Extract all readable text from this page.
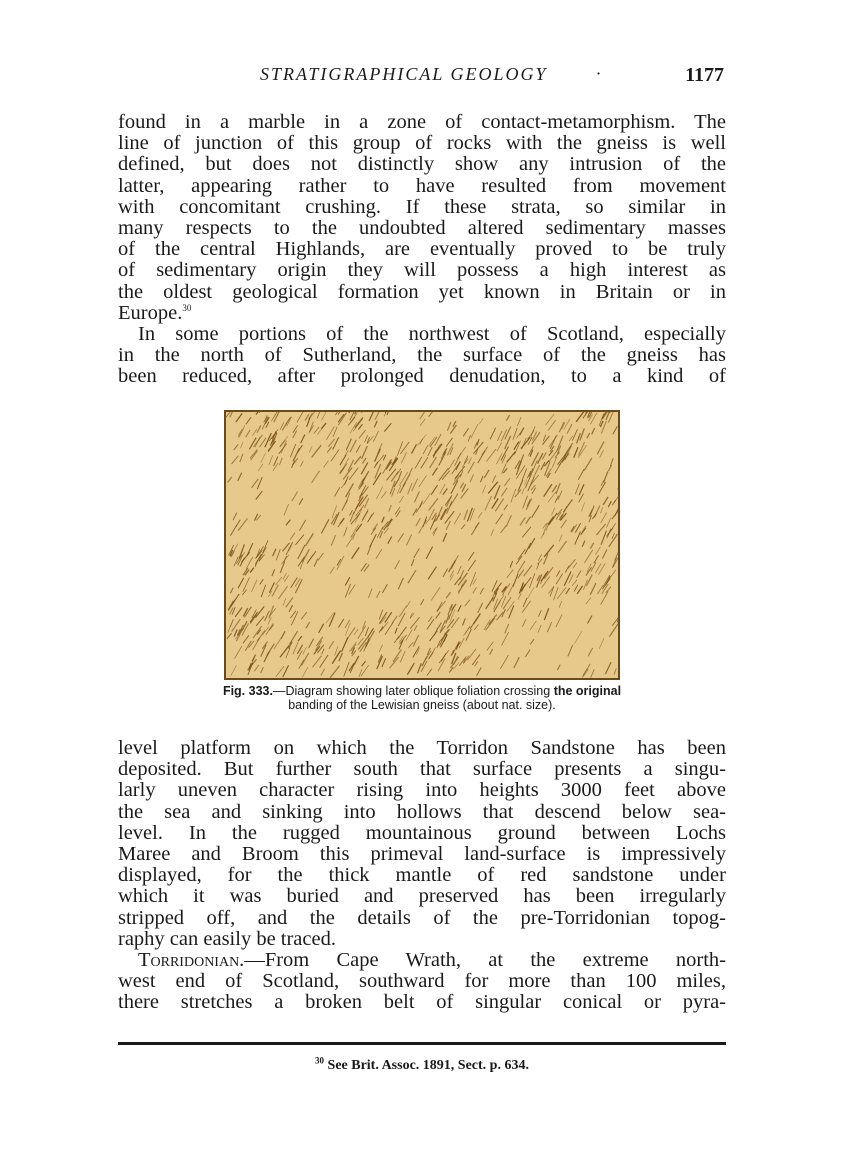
STRATIGRAPHICAL GEOLOGY	·	1177
found in a marble in a zone of contact-metamorphism. The
line of junction of this group of rocks with the gneiss is well
defined, but does not distinctly show any intrusion of the
latter, appearing rather to have resulted from movement
with concomitant crushing. If these strata, so similar in
many respects to the undoubted altered sedimentary masses
of the central Highlands, are eventually proved to be truly
of sedimentary origin they will possess a high interest as
the oldest geological formation yet known in Britain or in
Europe.$^{30}$
In some portions of the northwest of Scotland, especially
in the north of Sutherland, the surface of the gneiss has
been reduced, after prolonged denudation, to a kind of
Fig. 333.—Diagram showing later oblique foliation crossing the original
banding of the Lewisian gneiss (about nat. size).
level platform on which the Torridon Sandstone has been
deposited. But further south that surface presents a singu-
larly uneven character rising into heights 3000 feet above
the sea and sinking into hollows that descend below sea-
level. In the rugged mountainous ground between Lochs
Maree and Broom this primeval land-surface is impressively
displayed, for the thick mantle of red sandstone under
which it was buried and preserved has been irregularly
stripped off, and the details of the pre-Torridonian topog-
raphy can easily be traced.
Torridonian.—From Cape Wrath, at the extreme north-
west end of Scotland, southward for more than 100 miles,
there stretches a broken belt of singular conical or pyra-
$^{30}$ See Brit. Assoc. 1891, Sect. p. 634.
